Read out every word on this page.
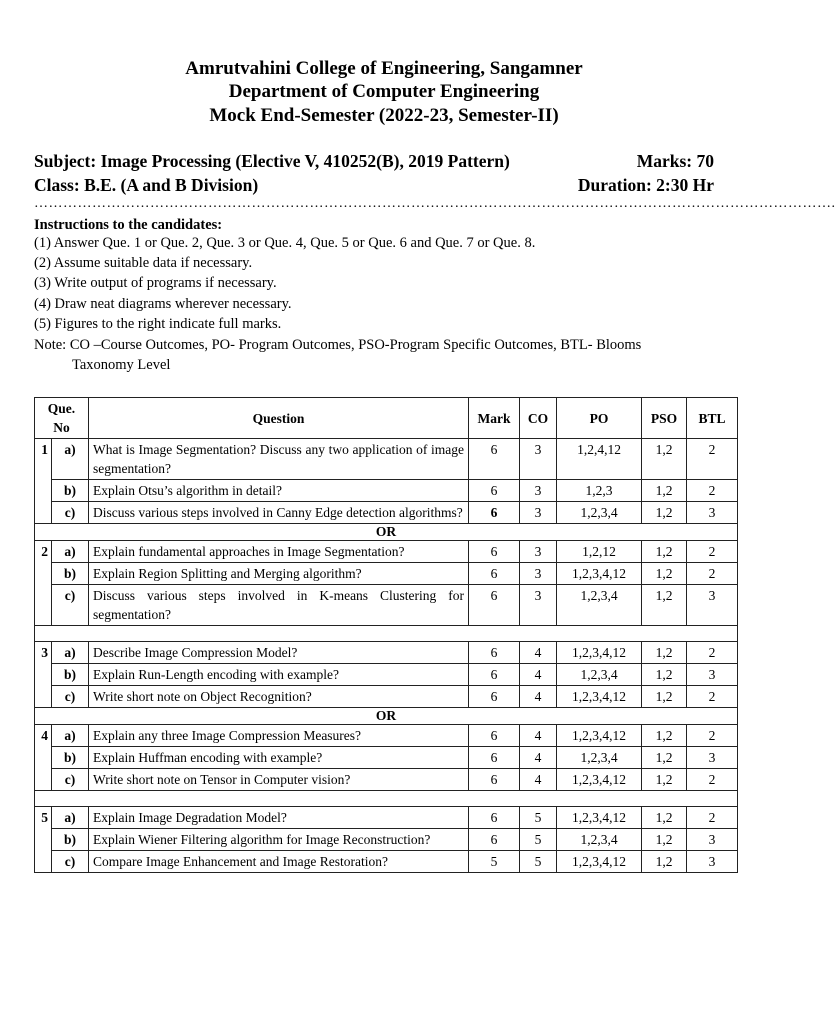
Amrutvahini College of Engineering, Sangamner
Department of Computer Engineering
Mock End-Semester (2022-23, Semester-II)
Subject: Image Processing (Elective V, 410252(B), 2019 Pattern)	Marks: 70
Class: B.E. (A and B Division)	Duration: 2:30 Hr
………………………………………………………………………………………………………………………………………………….
Instructions to the candidates:
(1) Answer Que. 1 or Que. 2, Que. 3 or Que. 4, Que. 5 or Que. 6 and Que. 7 or Que. 8.
(2) Assume suitable data if necessary.
(3) Write output of programs if necessary.
(4) Draw neat diagrams wherever necessary.
(5) Figures to the right indicate full marks.
Note: CO –Course Outcomes, PO- Program Outcomes, PSO-Program Specific Outcomes, BTL- Blooms
Taxonomy Level
Que. No		Question	Mark	CO	PO	PSO	BTL
1	a)	What is Image Segmentation? Discuss any two application of image segmentation?	6	3	1,2,4,12	1,2	2
	b)	Explain Otsu’s algorithm in detail?	6	3	1,2,3	1,2	2
	c)	Discuss various steps involved in Canny Edge detection algorithms?	6	3	1,2,3,4	1,2	3
OR							
2	a)	Explain fundamental approaches in Image Segmentation?	6	3	1,2,12	1,2	2
	b)	Explain Region Splitting and Merging algorithm?	6	3	1,2,3,4,12	1,2	2
	c)	Discuss various steps involved in K-means Clustering for segmentation?	6	3	1,2,3,4	1,2	3

3	a)	Describe Image Compression Model?	6	4	1,2,3,4,12	1,2	2
	b)	Explain Run-Length encoding with example?	6	4	1,2,3,4	1,2	3
	c)	Write short note on Object Recognition?	6	4	1,2,3,4,12	1,2	2
OR							
4	a)	Explain any three Image Compression Measures?	6	4	1,2,3,4,12	1,2	2
	b)	Explain Huffman encoding with example?	6	4	1,2,3,4	1,2	3
	c)	Write short note on Tensor in Computer vision?	6	4	1,2,3,4,12	1,2	2

5	a)	Explain Image Degradation Model?	6	5	1,2,3,4,12	1,2	2
	b)	Explain Wiener Filtering algorithm for Image Reconstruction?	6	5	1,2,3,4	1,2	3
	c)	Compare Image Enhancement and Image Restoration?	5	5	1,2,3,4,12	1,2	3
